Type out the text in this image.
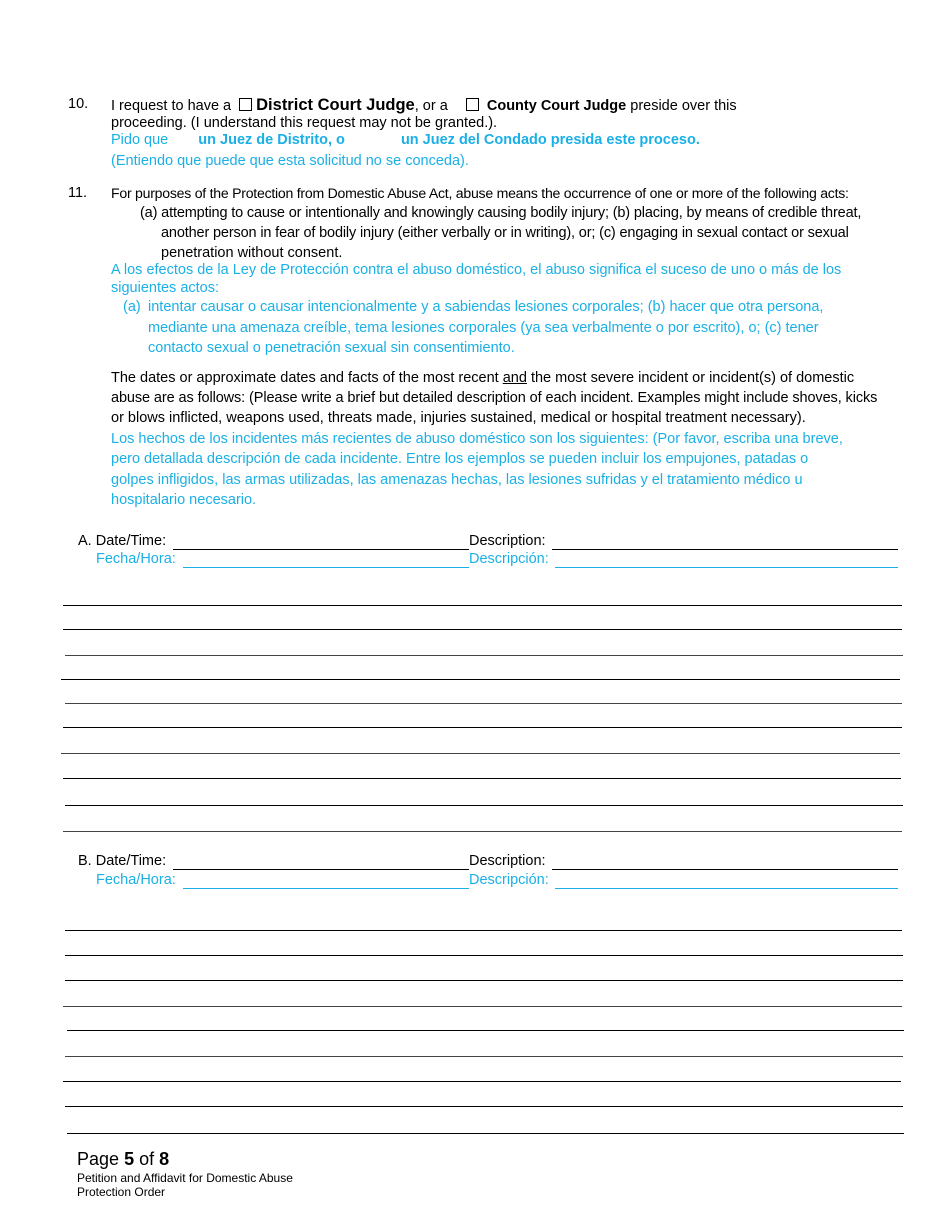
10. I request to have a District Court Judge, or a	County Court Judge preside over this
proceeding. (I understand this request may not be granted.).
Pido que un Juez de Distrito, o	un Juez del Condado presida este proceso.
(Entiendo que puede que esta solicitud no se conceda).
11. For purposes of the Protection from Domestic Abuse Act, abuse means the occurrence of one or more of the following acts:
(a) attempting to cause or intentionally and knowingly causing bodily injury; (b) placing, by means of credible threat,
another person in fear of bodily injury (either verbally or in writing), or; (c) engaging in sexual contact or sexual
penetration without consent.
A los efectos de la Ley de Protección contra el abuso doméstico, el abuso significa el suceso de uno o más de los
siguientes actos:
(a) intentar causar o causar intencionalmente y a sabiendas lesiones corporales; (b) hacer que otra persona,
mediante una amenaza creíble, tema lesiones corporales (ya sea verbalmente o por escrito), o; (c) tener
contacto sexual o penetración sexual sin consentimiento.
The dates or approximate dates and facts of the most recent and the most severe incident or incident(s) of domestic
abuse are as follows: (Please write a brief but detailed description of each incident. Examples might include shoves, kicks
or blows inflicted, weapons used, threats made, injuries sustained, medical or hospital treatment necessary).
Los hechos de los incidentes más recientes de abuso doméstico son los siguientes: (Por favor, escriba una breve,
pero detallada descripción de cada incidente. Entre los ejemplos se pueden incluir los empujones, patadas o
golpes infligidos, las armas utilizadas, las amenazas hechas, las lesiones sufridas y el tratamiento médico u
hospitalario necesario.
A. Date/Time:	Description:
Fecha/Hora:	Descripción:
B. Date/Time:	Description:
Fecha/Hora:	Descripción:
Page 5 of 8
Petition and Affidavit for Domestic Abuse
Protection Order
